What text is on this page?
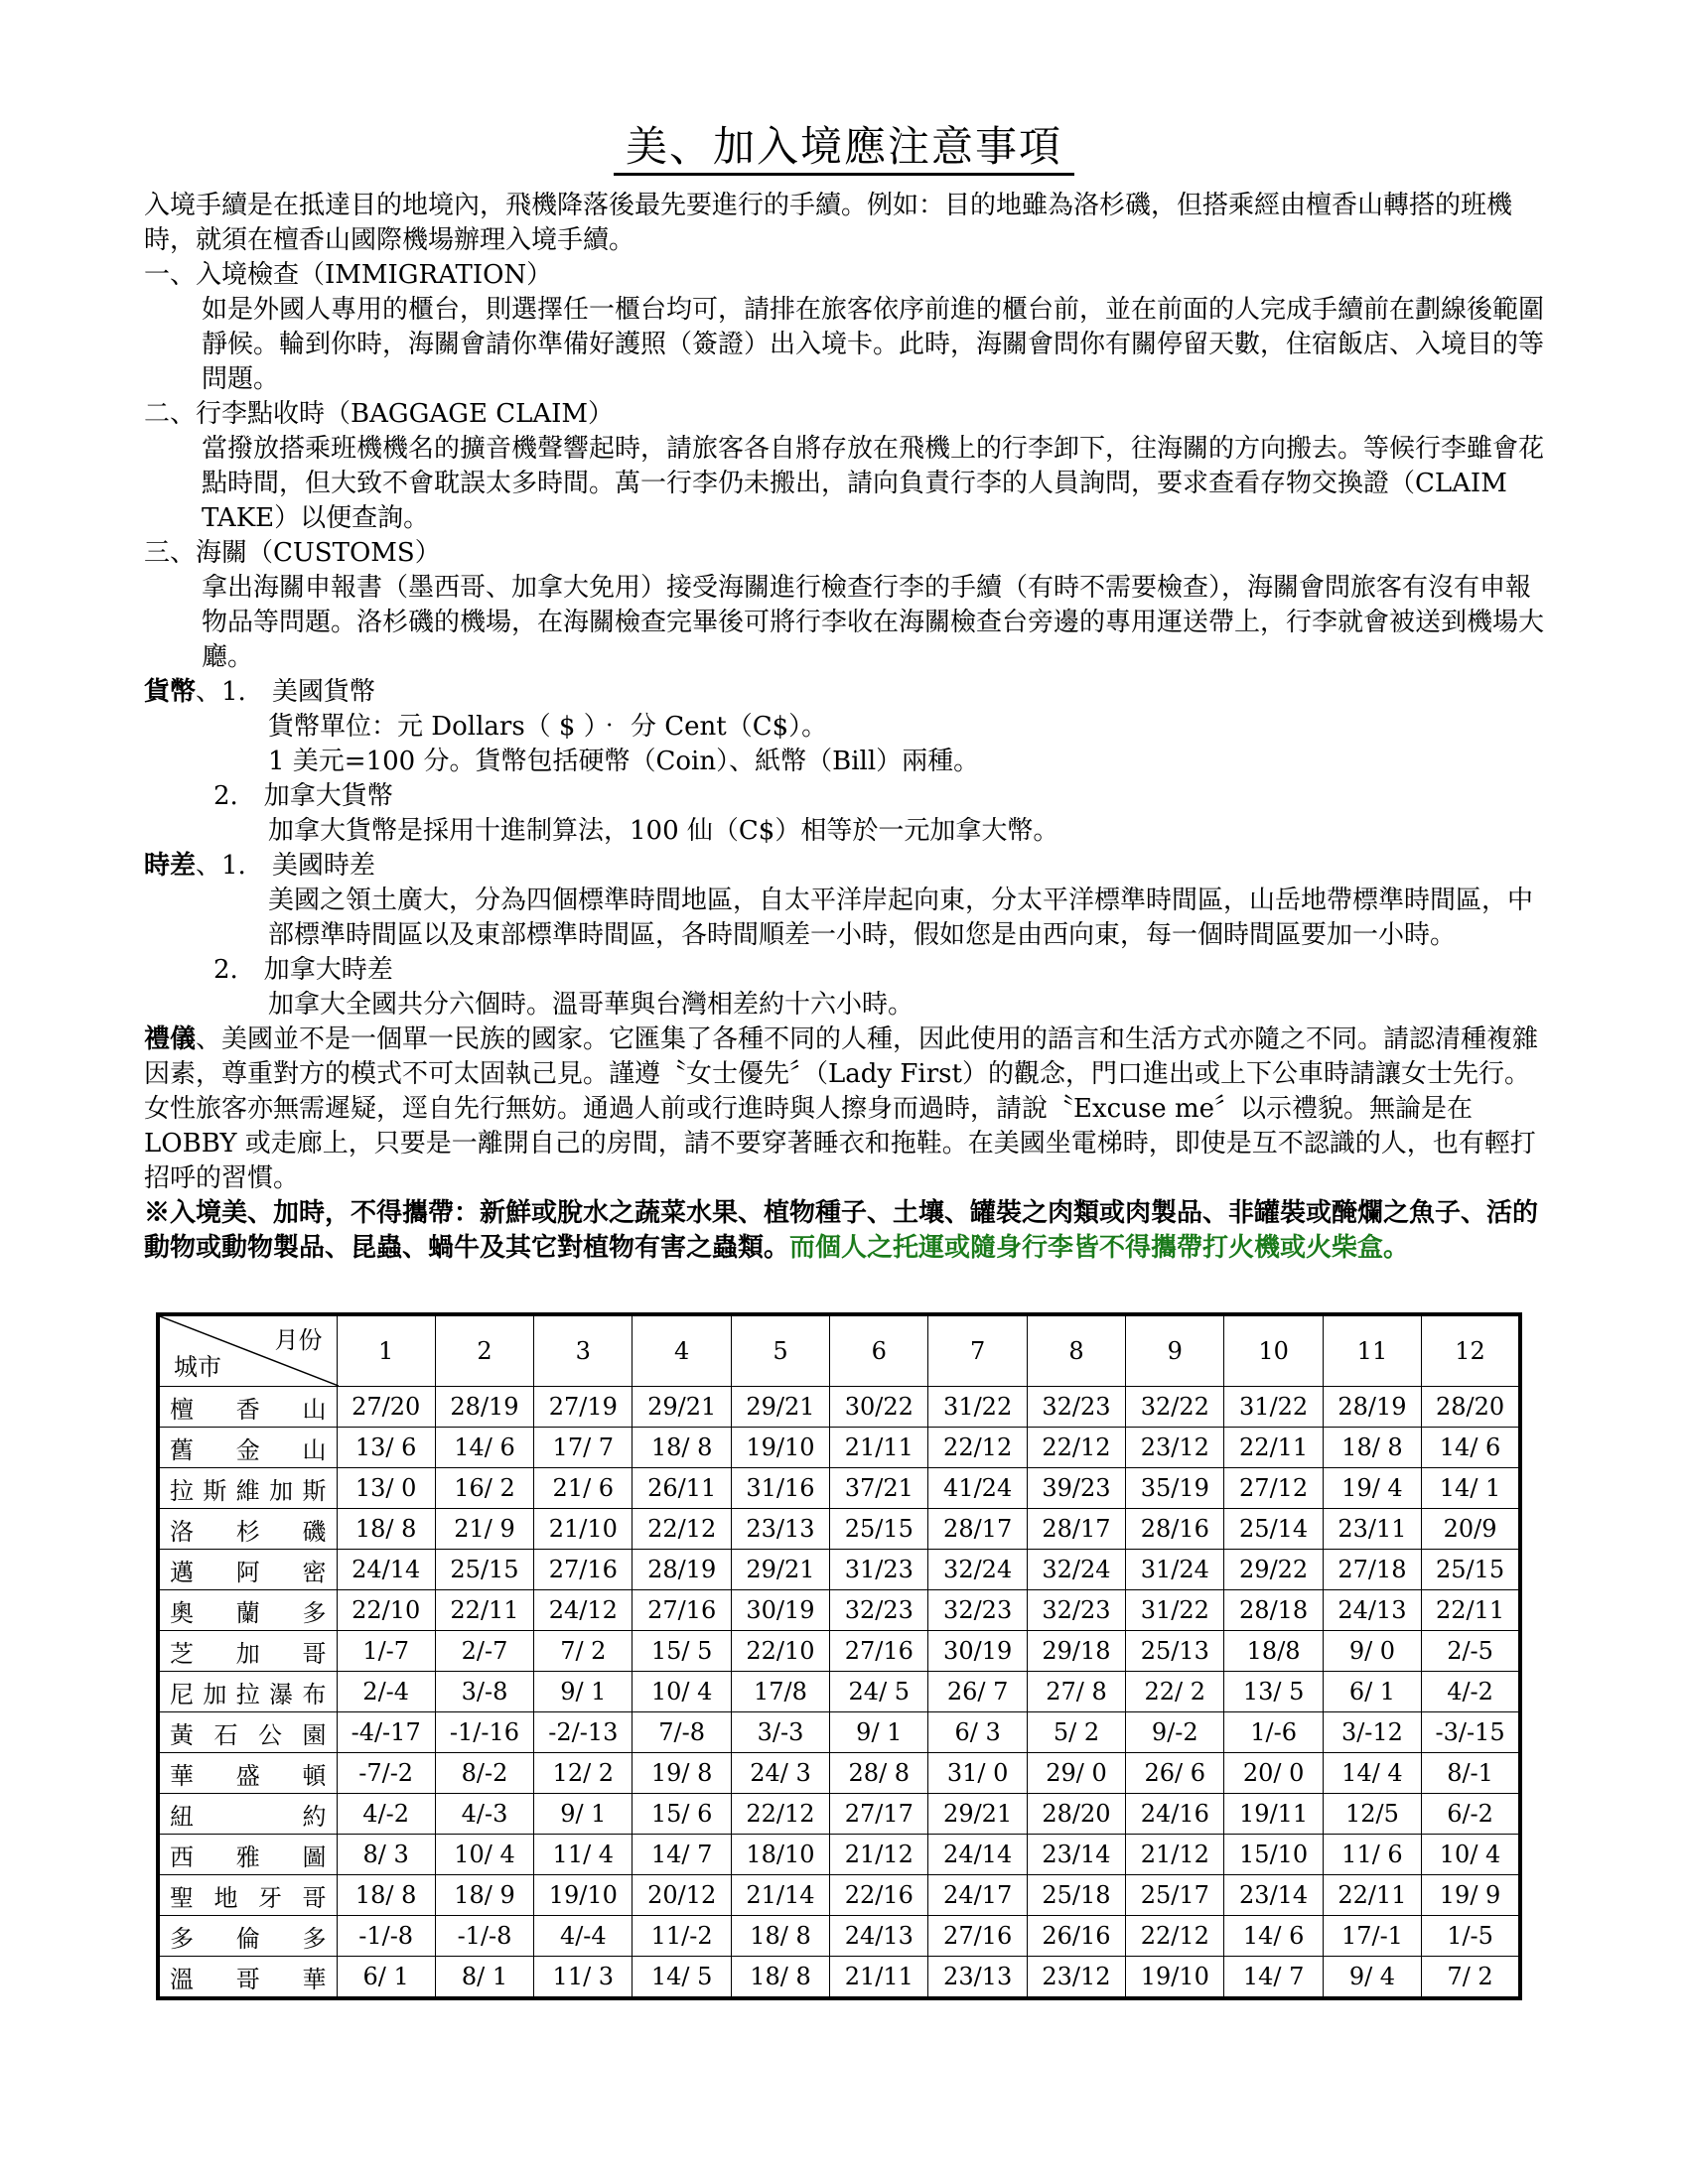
美、加入境應注意事項

入境手續是在抵達目的地境內，飛機降落後最先要進行的手續。例如：目的地雖為洛杉磯，但搭乘經由檀香山轉搭的班機時，就須在檀香山國際機場辦理入境手續。

一、入境檢查（IMMIGRATION）

如是外國人專用的櫃台，則選擇任一櫃台均可，請排在旅客依序前進的櫃台前，並在前面的人完成手續前在劃線後範圍靜候。輪到你時，海關會請你準備好護照（簽證）出入境卡。此時，海關會問你有關停留天數，住宿飯店、入境目的等問題。

二、行李點收時（BAGGAGE CLAIM）

當撥放搭乘班機機名的擴音機聲響起時，請旅客各自將存放在飛機上的行李卸下，往海關的方向搬去。等候行李雖會花點時間，但大致不會耽誤太多時間。萬一行李仍未搬出，請向負責行李的人員詢問，要求查看存物交換證（CLAIM TAKE）以便查詢。

三、海關（CUSTOMS）

拿出海關申報書（墨西哥、加拿大免用）接受海關進行檢查行李的手續（有時不需要檢查），海關會問旅客有沒有申報物品等問題。洛杉磯的機場，在海關檢查完畢後可將行李收在海關檢查台旁邊的專用運送帶上，行李就會被送到機場大廳。

貨幣、1.　美國貨幣

貨幣單位：元 Dollars（ $ ）‧ 分 Cent（C$）。

1 美元=100 分。貨幣包括硬幣（Coin）、紙幣（Bill）兩種。

2.　加拿大貨幣

加拿大貨幣是採用十進制算法，100 仙（C$）相等於一元加拿大幣。

時差、1.　美國時差

美國之領土廣大，分為四個標準時間地區，自太平洋岸起向東，分太平洋標準時間區，山岳地帶標準時間區，中部標準時間區以及東部標準時間區，各時間順差一小時，假如您是由西向東，每一個時間區要加一小時。

2.　加拿大時差

加拿大全國共分六個時。溫哥華與台灣相差約十六小時。

禮儀、美國並不是一個單一民族的國家。它匯集了各種不同的人種，因此使用的語言和生活方式亦隨之不同。請認清種複雜因素，尊重對方的模式不可太固執己見。謹遵〝女士優先〞（Lady First）的觀念，門口進出或上下公車時請讓女士先行。女性旅客亦無需遲疑，逕自先行無妨。通過人前或行進時與人擦身而過時，請說〝Excuse me〞以示禮貌。無論是在 LOBBY 或走廊上，只要是一離開自己的房間，請不要穿著睡衣和拖鞋。在美國坐電梯時，即使是互不認識的人，也有輕打招呼的習慣。

※入境美、加時，不得攜帶：新鮮或脫水之蔬菜水果、植物種子、土壤、罐裝之肉類或肉製品、非罐裝或醃爛之魚子、活的動物或動物製品、昆蟲、蝸牛及其它對植物有害之蟲類。而個人之托運或隨身行李皆不得攜帶打火機或火柴盒。

月份
城市	1	2	3	4	5	6	7	8	9	10	11	12
檀香山	27/20	28/19	27/19	29/21	29/21	30/22	31/22	32/23	32/22	31/22	28/19	28/20
舊金山	13/ 6	14/ 6	17/ 7	18/ 8	19/10	21/11	22/12	22/12	23/12	22/11	18/ 8	14/ 6
拉斯維加斯	13/ 0	16/ 2	21/ 6	26/11	31/16	37/21	41/24	39/23	35/19	27/12	19/ 4	14/ 1
洛杉磯	18/ 8	21/ 9	21/10	22/12	23/13	25/15	28/17	28/17	28/16	25/14	23/11	20/9
邁阿密	24/14	25/15	27/16	28/19	29/21	31/23	32/24	32/24	31/24	29/22	27/18	25/15
奧蘭多	22/10	22/11	24/12	27/16	30/19	32/23	32/23	32/23	31/22	28/18	24/13	22/11
芝加哥	1/-7	2/-7	7/ 2	15/ 5	22/10	27/16	30/19	29/18	25/13	18/8	9/ 0	2/-5
尼加拉瀑布	2/-4	3/-8	9/ 1	10/ 4	17/8	24/ 5	26/ 7	27/ 8	22/ 2	13/ 5	6/ 1	4/-2
黃石公園	-4/-17	-1/-16	-2/-13	7/-8	3/-3	9/ 1	6/ 3	5/ 2	9/-2	1/-6	3/-12	-3/-15
華盛頓	-7/-2	8/-2	12/ 2	19/ 8	24/ 3	28/ 8	31/ 0	29/ 0	26/ 6	20/ 0	14/ 4	8/-1
紐約	4/-2	4/-3	9/ 1	15/ 6	22/12	27/17	29/21	28/20	24/16	19/11	12/5	6/-2
西雅圖	8/ 3	10/ 4	11/ 4	14/ 7	18/10	21/12	24/14	23/14	21/12	15/10	11/ 6	10/ 4
聖地牙哥	18/ 8	18/ 9	19/10	20/12	21/14	22/16	24/17	25/18	25/17	23/14	22/11	19/ 9
多倫多	-1/-8	-1/-8	4/-4	11/-2	18/ 8	24/13	27/16	26/16	22/12	14/ 6	17/-1	1/-5
溫哥華	6/ 1	8/ 1	11/ 3	14/ 5	18/ 8	21/11	23/13	23/12	19/10	14/ 7	9/ 4	7/ 2
